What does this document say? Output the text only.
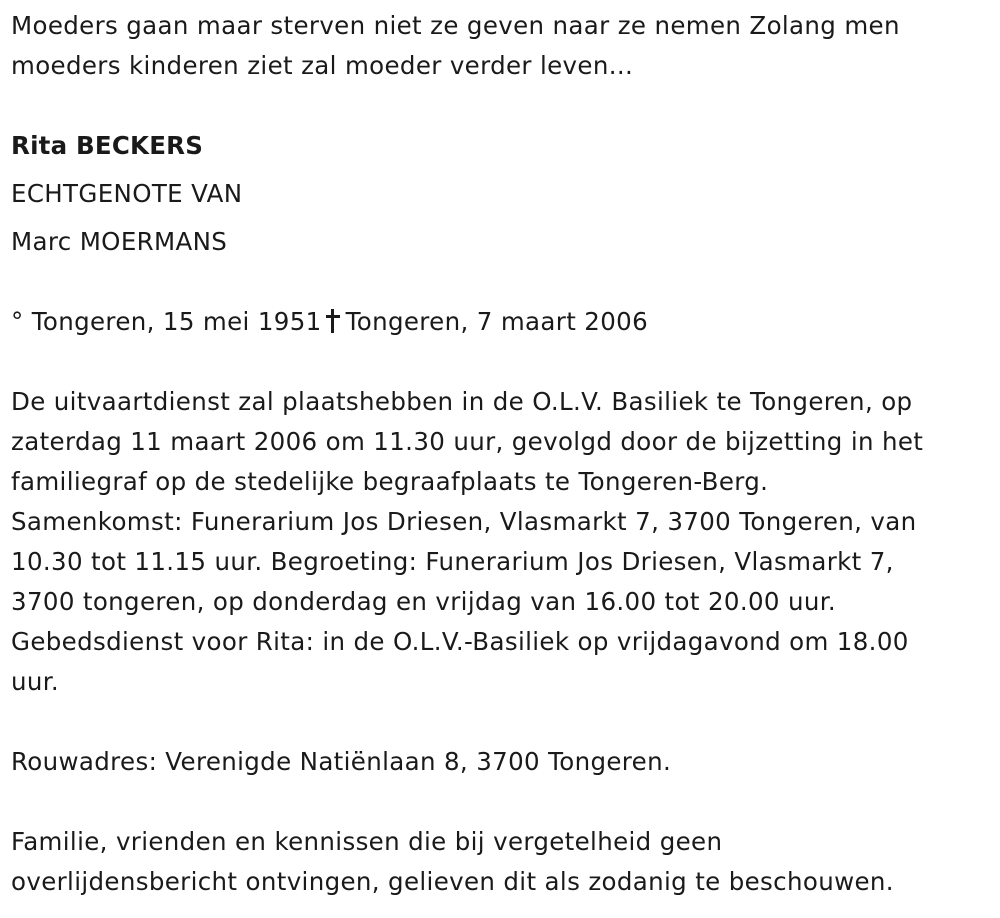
Moeders gaan maar sterven niet ze geven naar ze nemen Zolang men
moeders kinderen ziet zal moeder verder leven...
Rita BECKERS
ECHTGENOTE VAN
Marc MOERMANS
° Tongeren, 15 mei 1951 Tongeren, 7 maart 2006
De uitvaartdienst zal plaatshebben in de O.L.V. Basiliek te Tongeren, op
zaterdag 11 maart 2006 om 11.30 uur, gevolgd door de bijzetting in het
familiegraf op de stedelijke begraafplaats te Tongeren-Berg.
Samenkomst: Funerarium Jos Driesen, Vlasmarkt 7, 3700 Tongeren, van
10.30 tot 11.15 uur. Begroeting: Funerarium Jos Driesen, Vlasmarkt 7,
3700 tongeren, op donderdag en vrijdag van 16.00 tot 20.00 uur.
Gebedsdienst voor Rita: in de O.L.V.-Basiliek op vrijdagavond om 18.00
uur.
Rouwadres: Verenigde Natiënlaan 8, 3700 Tongeren.
Familie, vrienden en kennissen die bij vergetelheid geen
overlijdensbericht ontvingen, gelieven dit als zodanig te beschouwen.
